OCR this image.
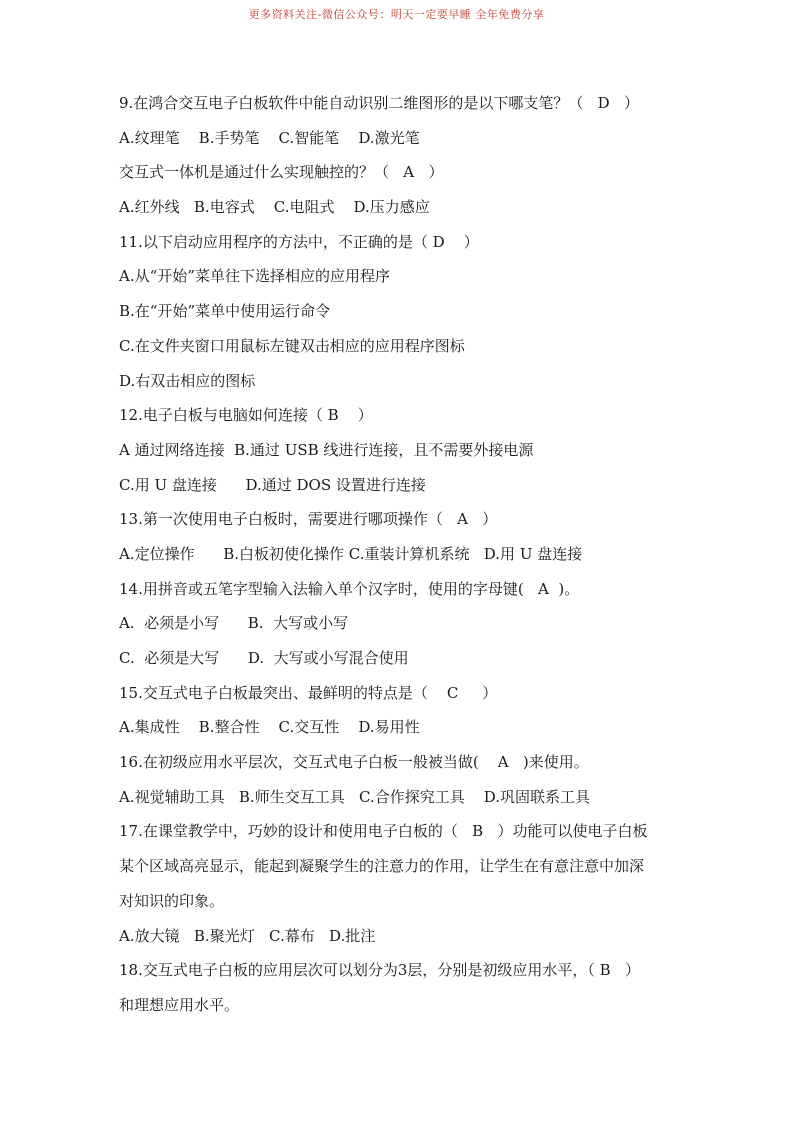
更多资料关注-微信公众号：明天一定要早睡 全年免费分享
9.在鸿合交互电子白板软件中能自动识别二维图形的是以下哪支笔？（   D   ）
A.纹理笔    B.手势笔    C.智能笔    D.激光笔
交互式一体机是通过什么实现触控的？（   A   ）
A.红外线   B.电容式    C.电阻式    D.压力感应
11.以下启动应用程序的方法中，不正确的是（ D    ）
A.从“开始”菜单往下选择相应的应用程序
B.在“开始”菜单中使用运行命令
C.在文件夹窗口用鼠标左键双击相应的应用程序图标
D.右双击相应的图标
12.电子白板与电脑如何连接（ B    ）
A 通过网络连接  B.通过 USB 线进行连接，且不需要外接电源
C.用 U 盘连接      D.通过 DOS 设置进行连接
13.第一次使用电子白板时，需要进行哪项操作（   A   ）
A.定位操作      B.白板初使化操作 C.重装计算机系统   D.用 U 盘连接
14.用拼音或五笔字型输入法输入单个汉字时，使用的字母键(   A  )。
A.  必须是小写      B.  大写或小写
C.  必须是大写      D.  大写或小写混合使用
15.交互式电子白板最突出、最鲜明的特点是（    C     ）
A.集成性    B.整合性    C.交互性    D.易用性
16.在初级应用水平层次，交互式电子白板一般被当做(    A   )来使用。
A.视觉辅助工具   B.师生交互工具   C.合作探究工具    D.巩固联系工具
17.在课堂教学中，巧妙的设计和使用电子白板的（   B   ）功能可以使电子白板
某个区域高亮显示，能起到凝聚学生的注意力的作用，让学生在有意注意中加深
对知识的印象。
A.放大镜   B.聚光灯   C.幕布   D.批注
18.交互式电子白板的应用层次可以划分为3层，分别是初级应用水平，（ B   ）
和理想应用水平。
